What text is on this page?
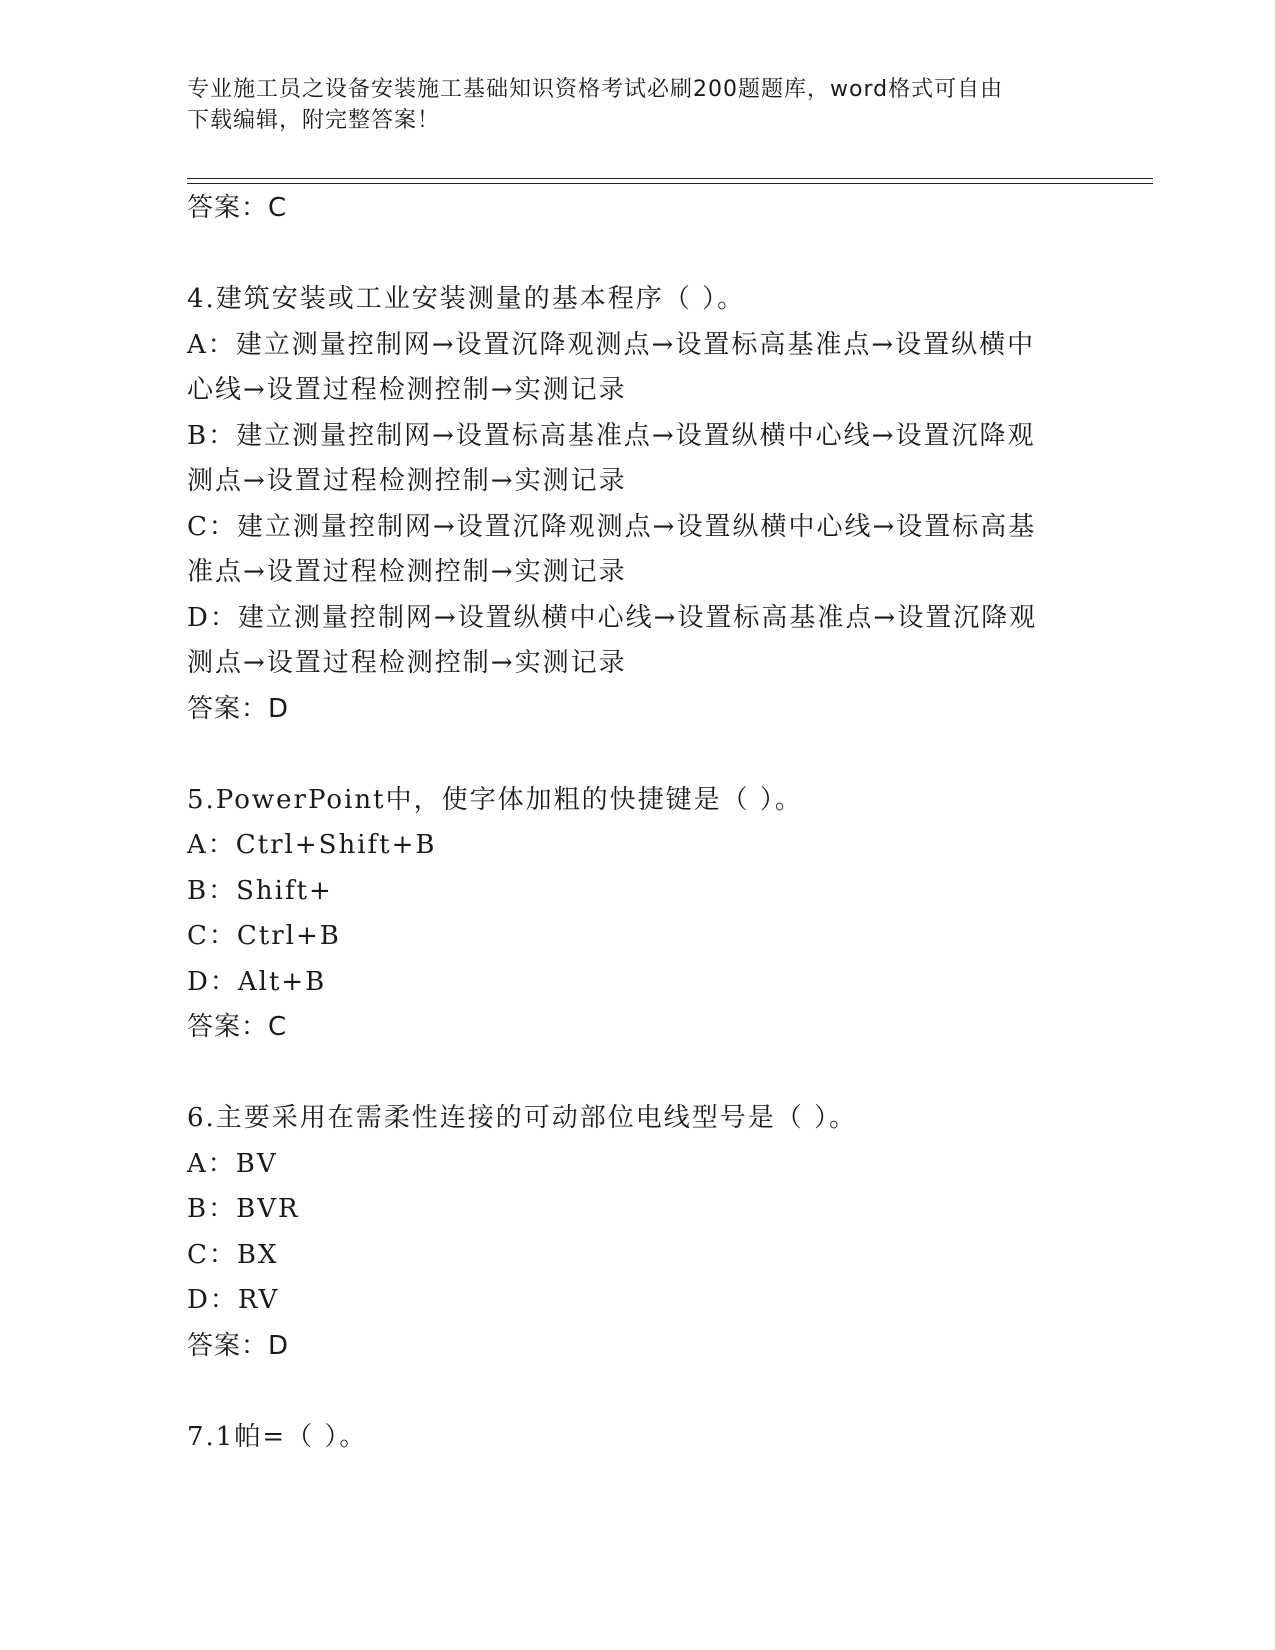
专业施工员之设备安装施工基础知识资格考试必刷200题题库，word格式可自由
下载编辑，附完整答案！

答案：C

4.建筑安装或工业安装测量的基本程序（ ）。

A：建立测量控制网→设置沉降观测点→设置标高基准点→设置纵横中

心线→设置过程检测控制→实测记录

B：建立测量控制网→设置标高基准点→设置纵横中心线→设置沉降观

测点→设置过程检测控制→实测记录

C：建立测量控制网→设置沉降观测点→设置纵横中心线→设置标高基

准点→设置过程检测控制→实测记录

D：建立测量控制网→设置纵横中心线→设置标高基准点→设置沉降观

测点→设置过程检测控制→实测记录

答案：D

5.PowerPoint中，使字体加粗的快捷键是（ ）。

A：Ctrl+Shift+B

B：Shift+

C：Ctrl+B

D：Alt+B

答案：C

6.主要采用在需柔性连接的可动部位电线型号是（ ）。

A：BV

B：BVR

C：BX

D：RV

答案：D

7.1帕=（ ）。
